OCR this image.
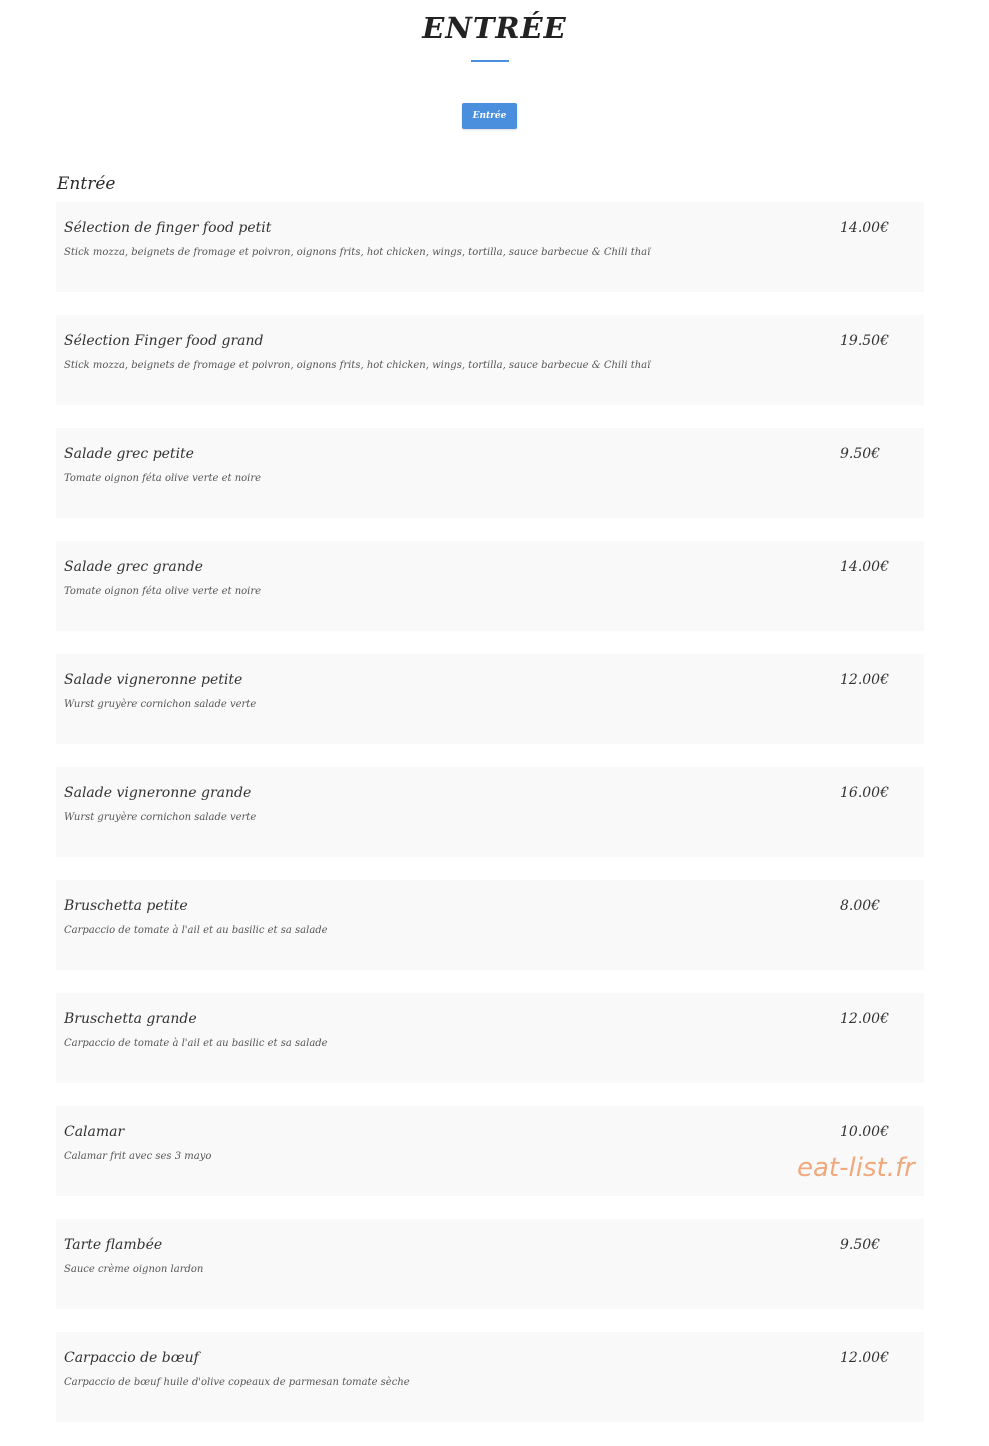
ENTRÉE
Entrée
Entrée
Sélection de finger food petit
Stick mozza, beignets de fromage et poivron, oignons frits, hot chicken, wings, tortilla, sauce barbecue & Chili thaï
14.00€
Sélection Finger food grand
Stick mozza, beignets de fromage et poivron, oignons frits, hot chicken, wings, tortilla, sauce barbecue & Chili thaï
19.50€
Salade grec petite
Tomate oignon féta olive verte et noire
9.50€
Salade grec grande
Tomate oignon féta olive verte et noire
14.00€
Salade vigneronne petite
Wurst gruyère cornichon salade verte
12.00€
Salade vigneronne grande
Wurst gruyère cornichon salade verte
16.00€
Bruschetta petite
Carpaccio de tomate à l'ail et au basilic et sa salade
8.00€
Bruschetta grande
Carpaccio de tomate à l'ail et au basilic et sa salade
12.00€
Calamar
Calamar frit avec ses 3 mayo
10.00€
Tarte flambée
Sauce crème oignon lardon
9.50€
Carpaccio de bœuf
Carpaccio de bœuf huile d'olive copeaux de parmesan tomate sèche
12.00€
eat-list.fr
